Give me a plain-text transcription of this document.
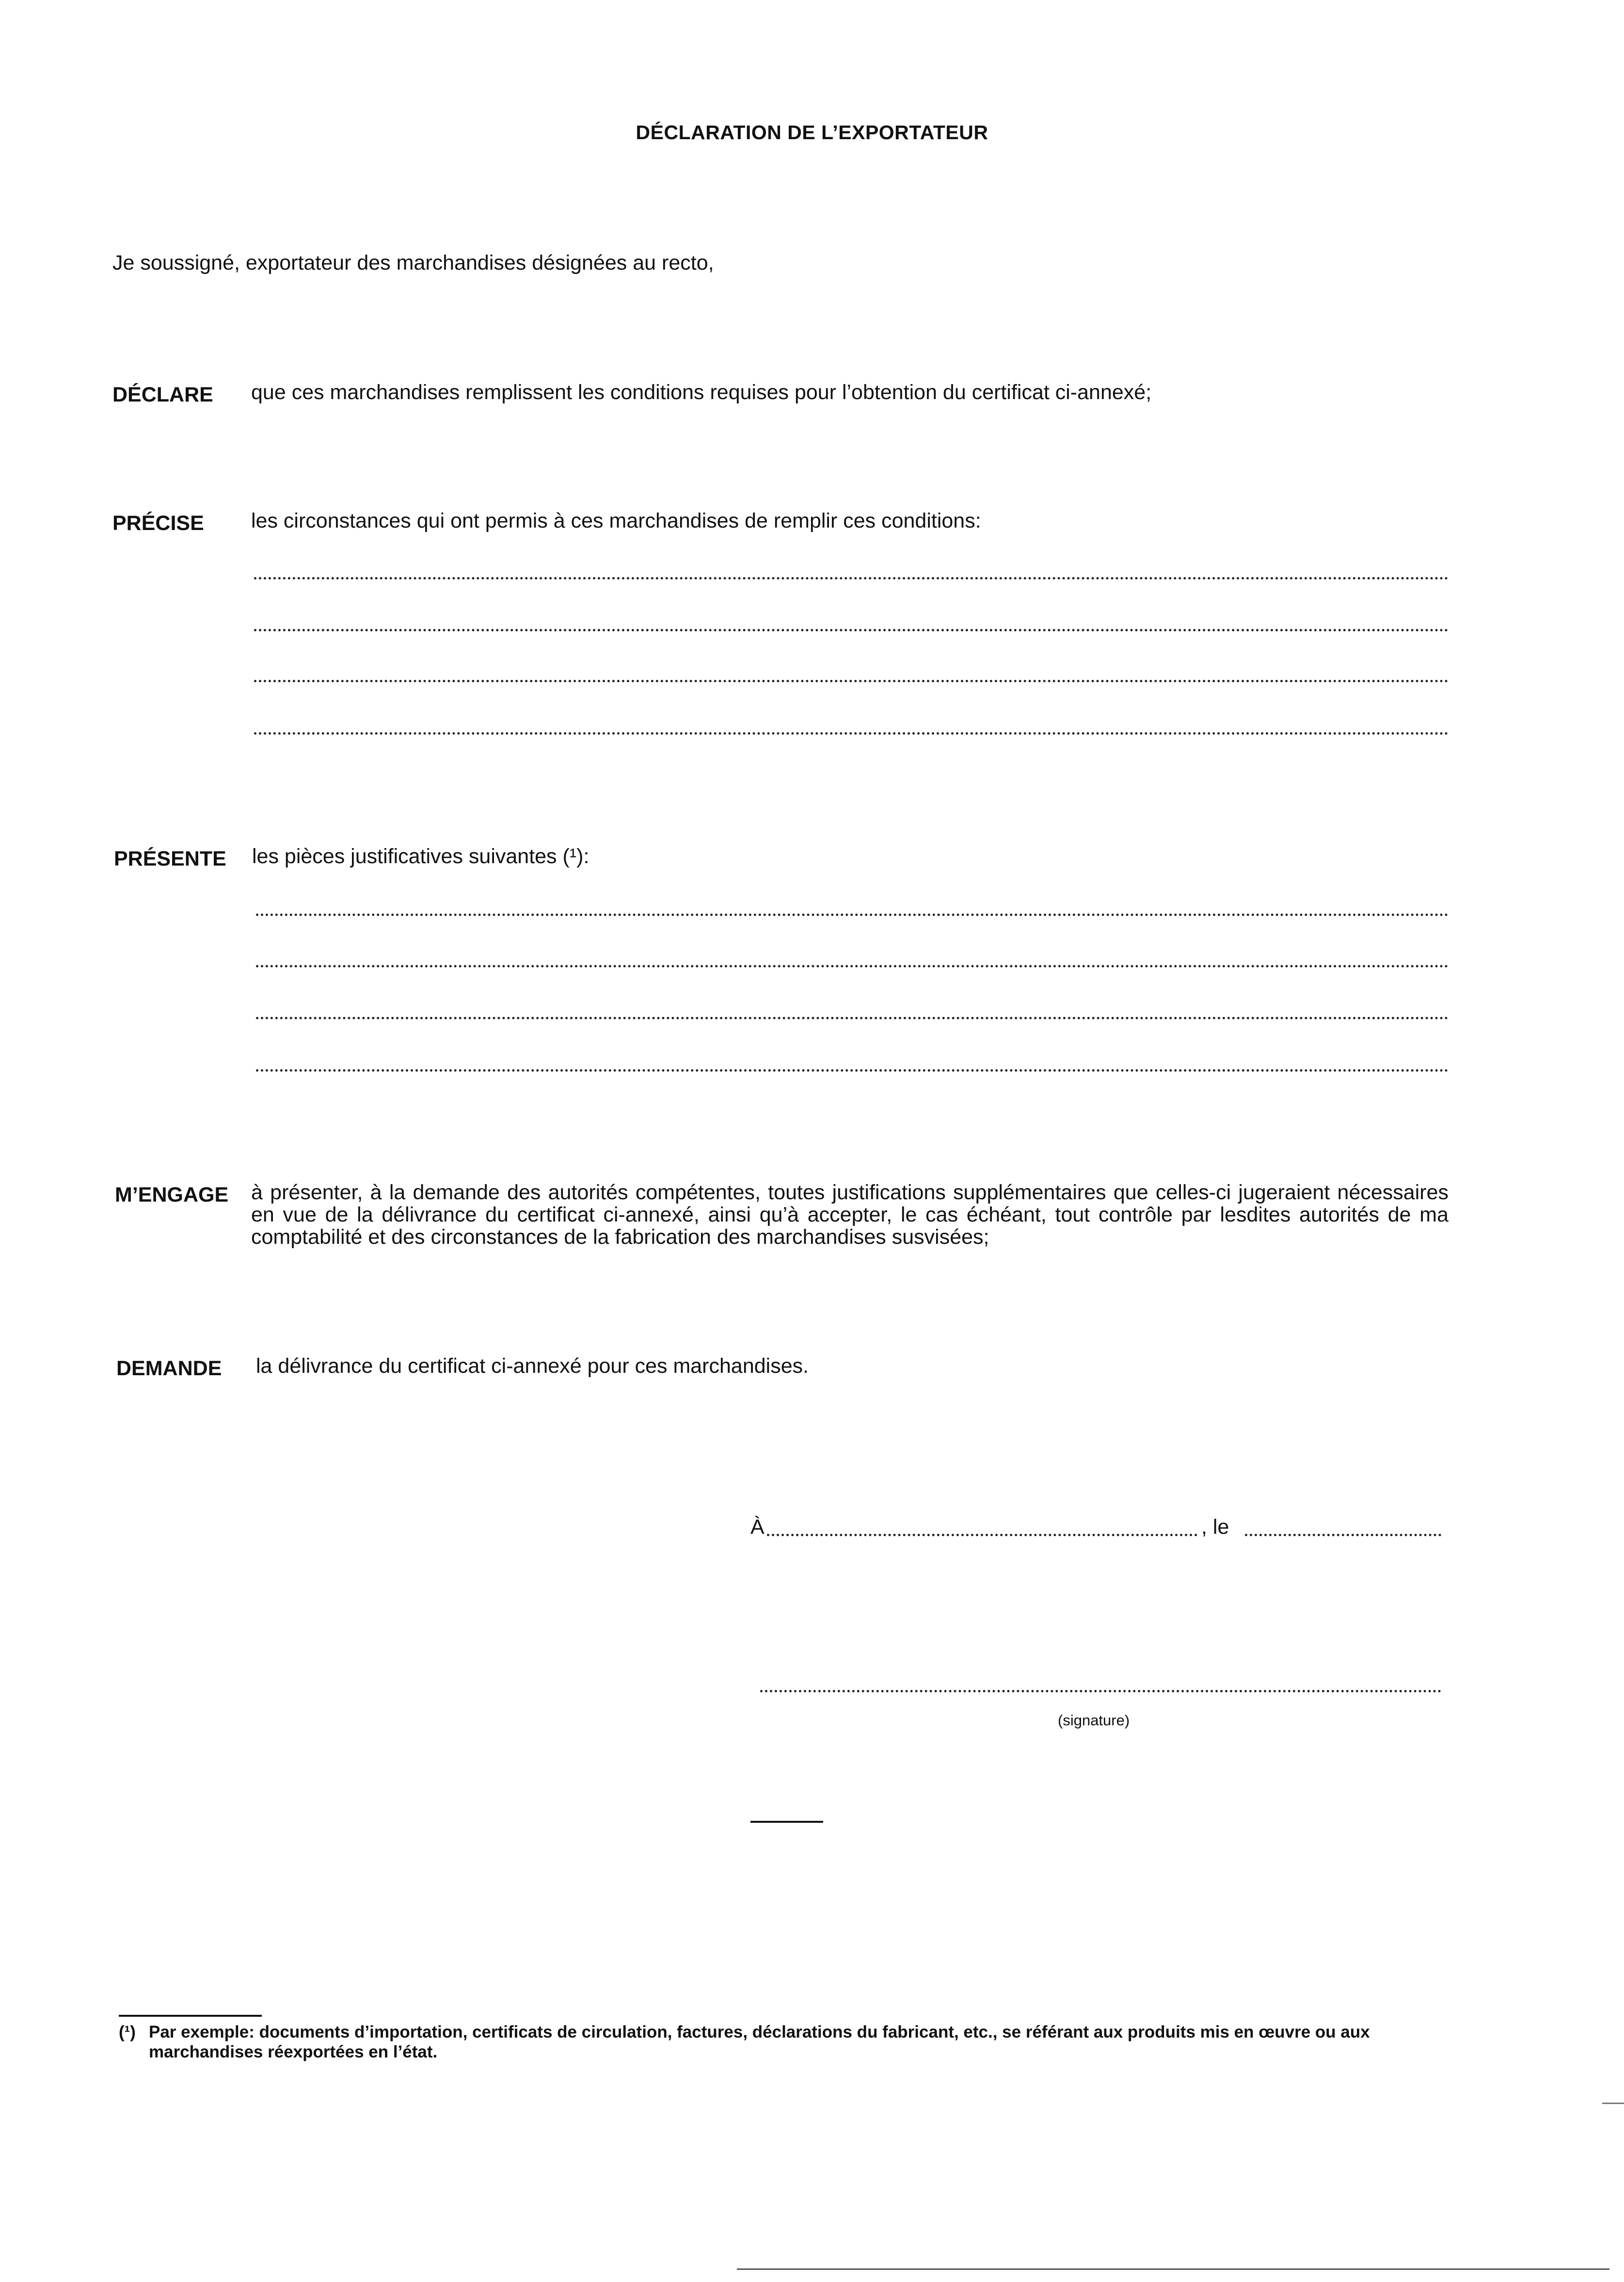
DÉCLARATION DE L’EXPORTATEUR
Je soussigné, exportateur des marchandises désignées au recto,
DÉCLARE que ces marchandises remplissent les conditions requises pour l’obtention du certificat ci-annexé;
PRÉCISE les circonstances qui ont permis à ces marchandises de remplir ces conditions:
PRÉSENTE les pièces justificatives suivantes (¹):
M’ENGAGE à présenter, à la demande des autorités compétentes, toutes justifications supplémentaires que celles-ci jugeraient nécessaires en vue de la délivrance du certificat ci-annexé, ainsi qu’à accepter, le cas échéant, tout contrôle par lesdites autorités de ma comptabilité et des circonstances de la fabrication des marchandises susvisées;
DEMANDE la délivrance du certificat ci-annexé pour ces marchandises.
À	, le
(signature)
(¹) Par exemple: documents d’importation, certificats de circulation, factures, déclarations du fabricant, etc., se référant aux produits mis en œuvre ou aux marchandises réexportées en l’état.
